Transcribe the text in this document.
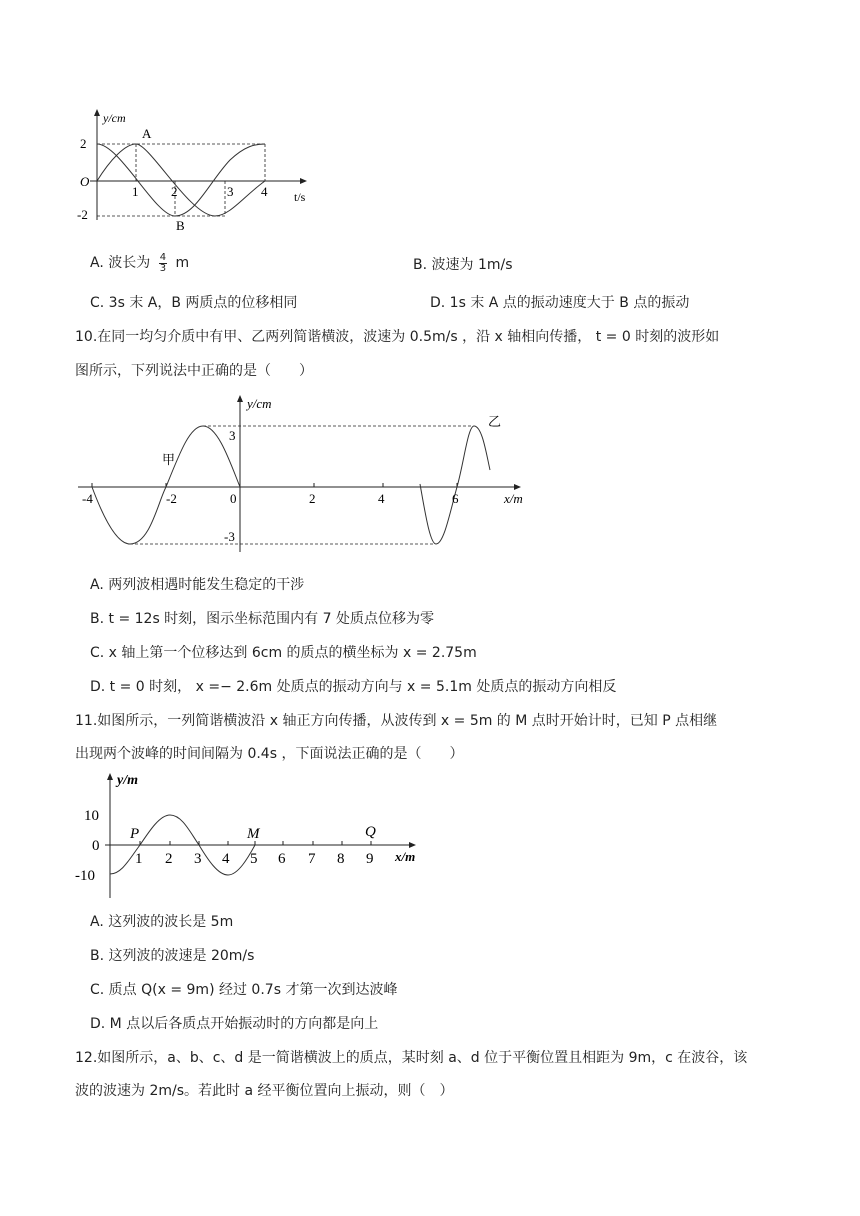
y/cm
t/s
O
2
-2
1	2	3 4
A
B
A. 波长为 $\frac{4}{3}$ m	B. 波速为 1m/s
C. 3s 末 A，B 两质点的位移相同	D. 1s 末 A 点的振动速度大于 B 点的振动
10.在同一均匀介质中有甲、乙两列简谐横波，波速为 0.5m/s ，沿 x 轴相向传播， t = 0 时刻的波形如
图所示，下列说法中正确的是（　　）
y/cm
x/m
3
-3
-4	-2	0	2	4	6
甲
乙
A. 两列波相遇时能发生稳定的干涉
B. t = 12s 时刻，图示坐标范围内有 7 处质点位移为零
C. x 轴上第一个位移达到 6cm 的质点的横坐标为 x = 2.75m
D. t = 0 时刻， x =− 2.6m 处质点的振动方向与 x = 5.1m 处质点的振动方向相反
11.如图所示，一列简谐横波沿 x 轴正方向传播，从波传到 x = 5m 的 M 点时开始计时，已知 P 点相继
出现两个波峰的时间间隔为 0.4s ，下面说法正确的是（　　）
y/m
x/m
10
0
-10
1 2 3 4 5 6 7 8 9
P	M	Q
A. 这列波的波长是 5m
B. 这列波的波速是 20m/s
C. 质点 Q(x = 9m) 经过 0.7s 才第一次到达波峰
D. M 点以后各质点开始振动时的方向都是向上
12.如图所示，a、b、c、d 是一简谐横波上的质点，某时刻 a、d 位于平衡位置且相距为 9m，c 在波谷，该
波的波速为 2m/s。若此时 a 经平衡位置向上振动，则（　）
